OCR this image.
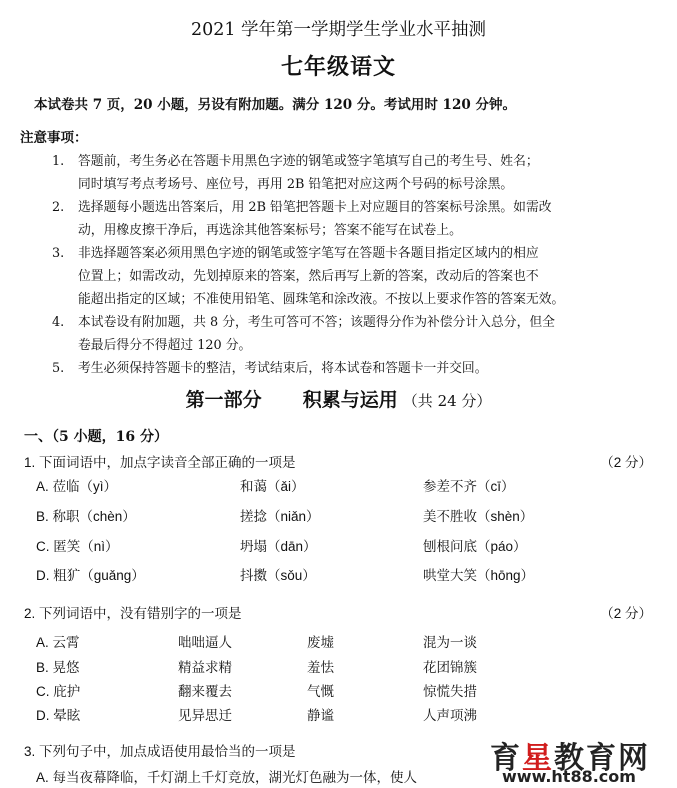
2021 学年第一学期学生学业水平抽测
七年级语文
本试卷共 7 页，20 小题，另设有附加题。满分 120 分。考试用时 120 分钟。
注意事项：
1. 答题前，考生务必在答题卡用黑色字迹的钢笔或签字笔填写自己的考生号、姓名；
同时填写考点考场号、座位号，再用 2B 铅笔把对应这两个号码的标号涂黑。
2. 选择题每小题选出答案后，用 2B 铅笔把答题卡上对应题目的答案标号涂黑。如需改
动，用橡皮擦干净后，再选涂其他答案标号；答案不能写在试卷上。
3. 非选择题答案必须用黑色字迹的钢笔或签字笔写在答题卡各题目指定区域内的相应
位置上；如需改动，先划掉原来的答案，然后再写上新的答案，改动后的答案也不
能超出指定的区域；不准使用铅笔、圆珠笔和涂改液。不按以上要求作答的答案无效。
4. 本试卷设有附加题，共 8 分，考生可答可不答；该题得分作为补偿分计入总分，但全
卷最后得分不得超过 120 分。
5. 考生必须保持答题卡的整洁，考试结束后，将本试卷和答题卡一并交回。
第一部分 积累与运用 （共 24 分）
一、（5 小题，16 分）
1. 下面词语中，加点字读音全部正确的一项是	（2 分）
A. 莅临（yì）	和蔼（ǎi）	参差不齐（cī）
B. 称职（chèn）	搓捻（niǎn）	美不胜收（shèn）
C. 匿笑（nì）	坍塌（dān）	刨根问底（páo）
D. 粗犷（guǎng）	抖擞（sǒu）	哄堂大笑（hōng）
2. 下列词语中，没有错别字的一项是	（2 分）
A. 云霄	咄咄逼人	废墟	混为一谈
B. 晃悠	精益求精	羞怯	花团锦簇
C. 庇护	翻来覆去	气慨	惊慌失措
D. 晕眩	见异思迁	静谧	人声项沸
3. 下列句子中，加点成语使用最恰当的一项是
A. 每当夜幕降临，千灯湖上千灯竞放，湖光灯色融为一体，使人
育星教育网
www.ht88.com
